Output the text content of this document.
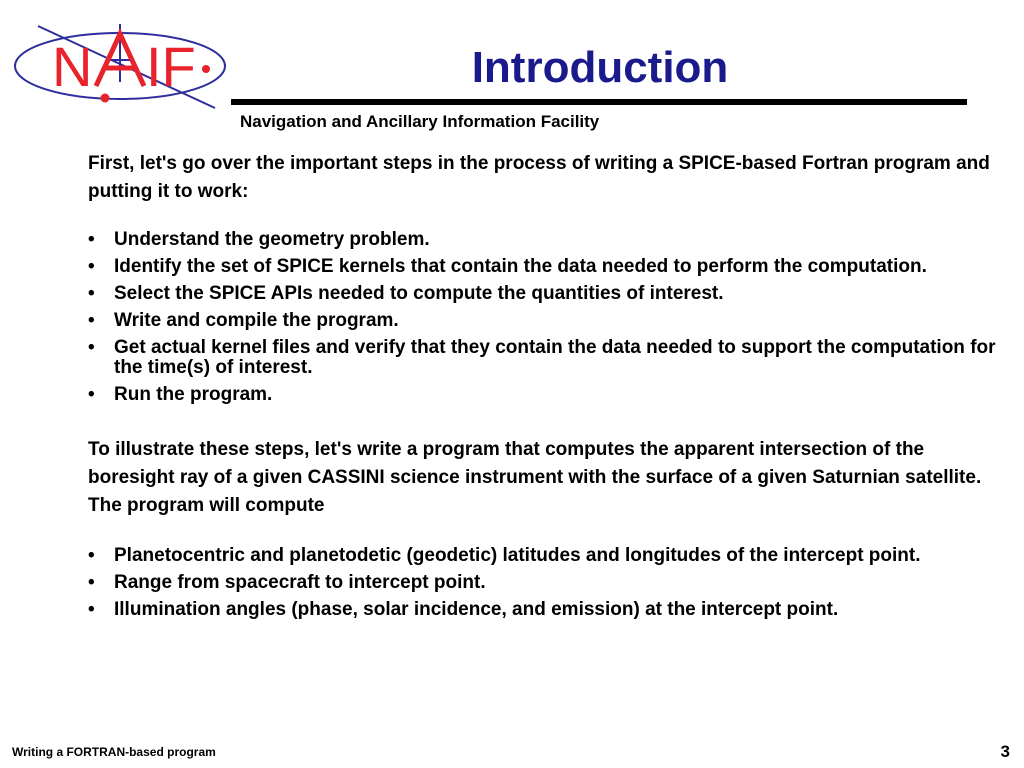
N IF	Introduction
Navigation and Ancillary Information Facility

First, let's go over the important steps in the process of writing a SPICE-based Fortran program and putting it to work:

• Understand the geometry problem.
• Identify the set of SPICE kernels that contain the data needed to perform the computation.
• Select the SPICE APIs needed to compute the quantities of interest.
• Write and compile the program.
• Get actual kernel files and verify that they contain the data needed to support the computation for the time(s) of interest.
• Run the program.

To illustrate these steps, let's write a program that computes the apparent intersection of the boresight ray of a given CASSINI science instrument with the surface of a given Saturnian satellite. The program will compute

• Planetocentric and planetodetic (geodetic) latitudes and longitudes of the intercept point.
• Range from spacecraft to intercept point.
• Illumination angles (phase, solar incidence, and emission) at the intercept point.
Writing a FORTRAN-based program	3
